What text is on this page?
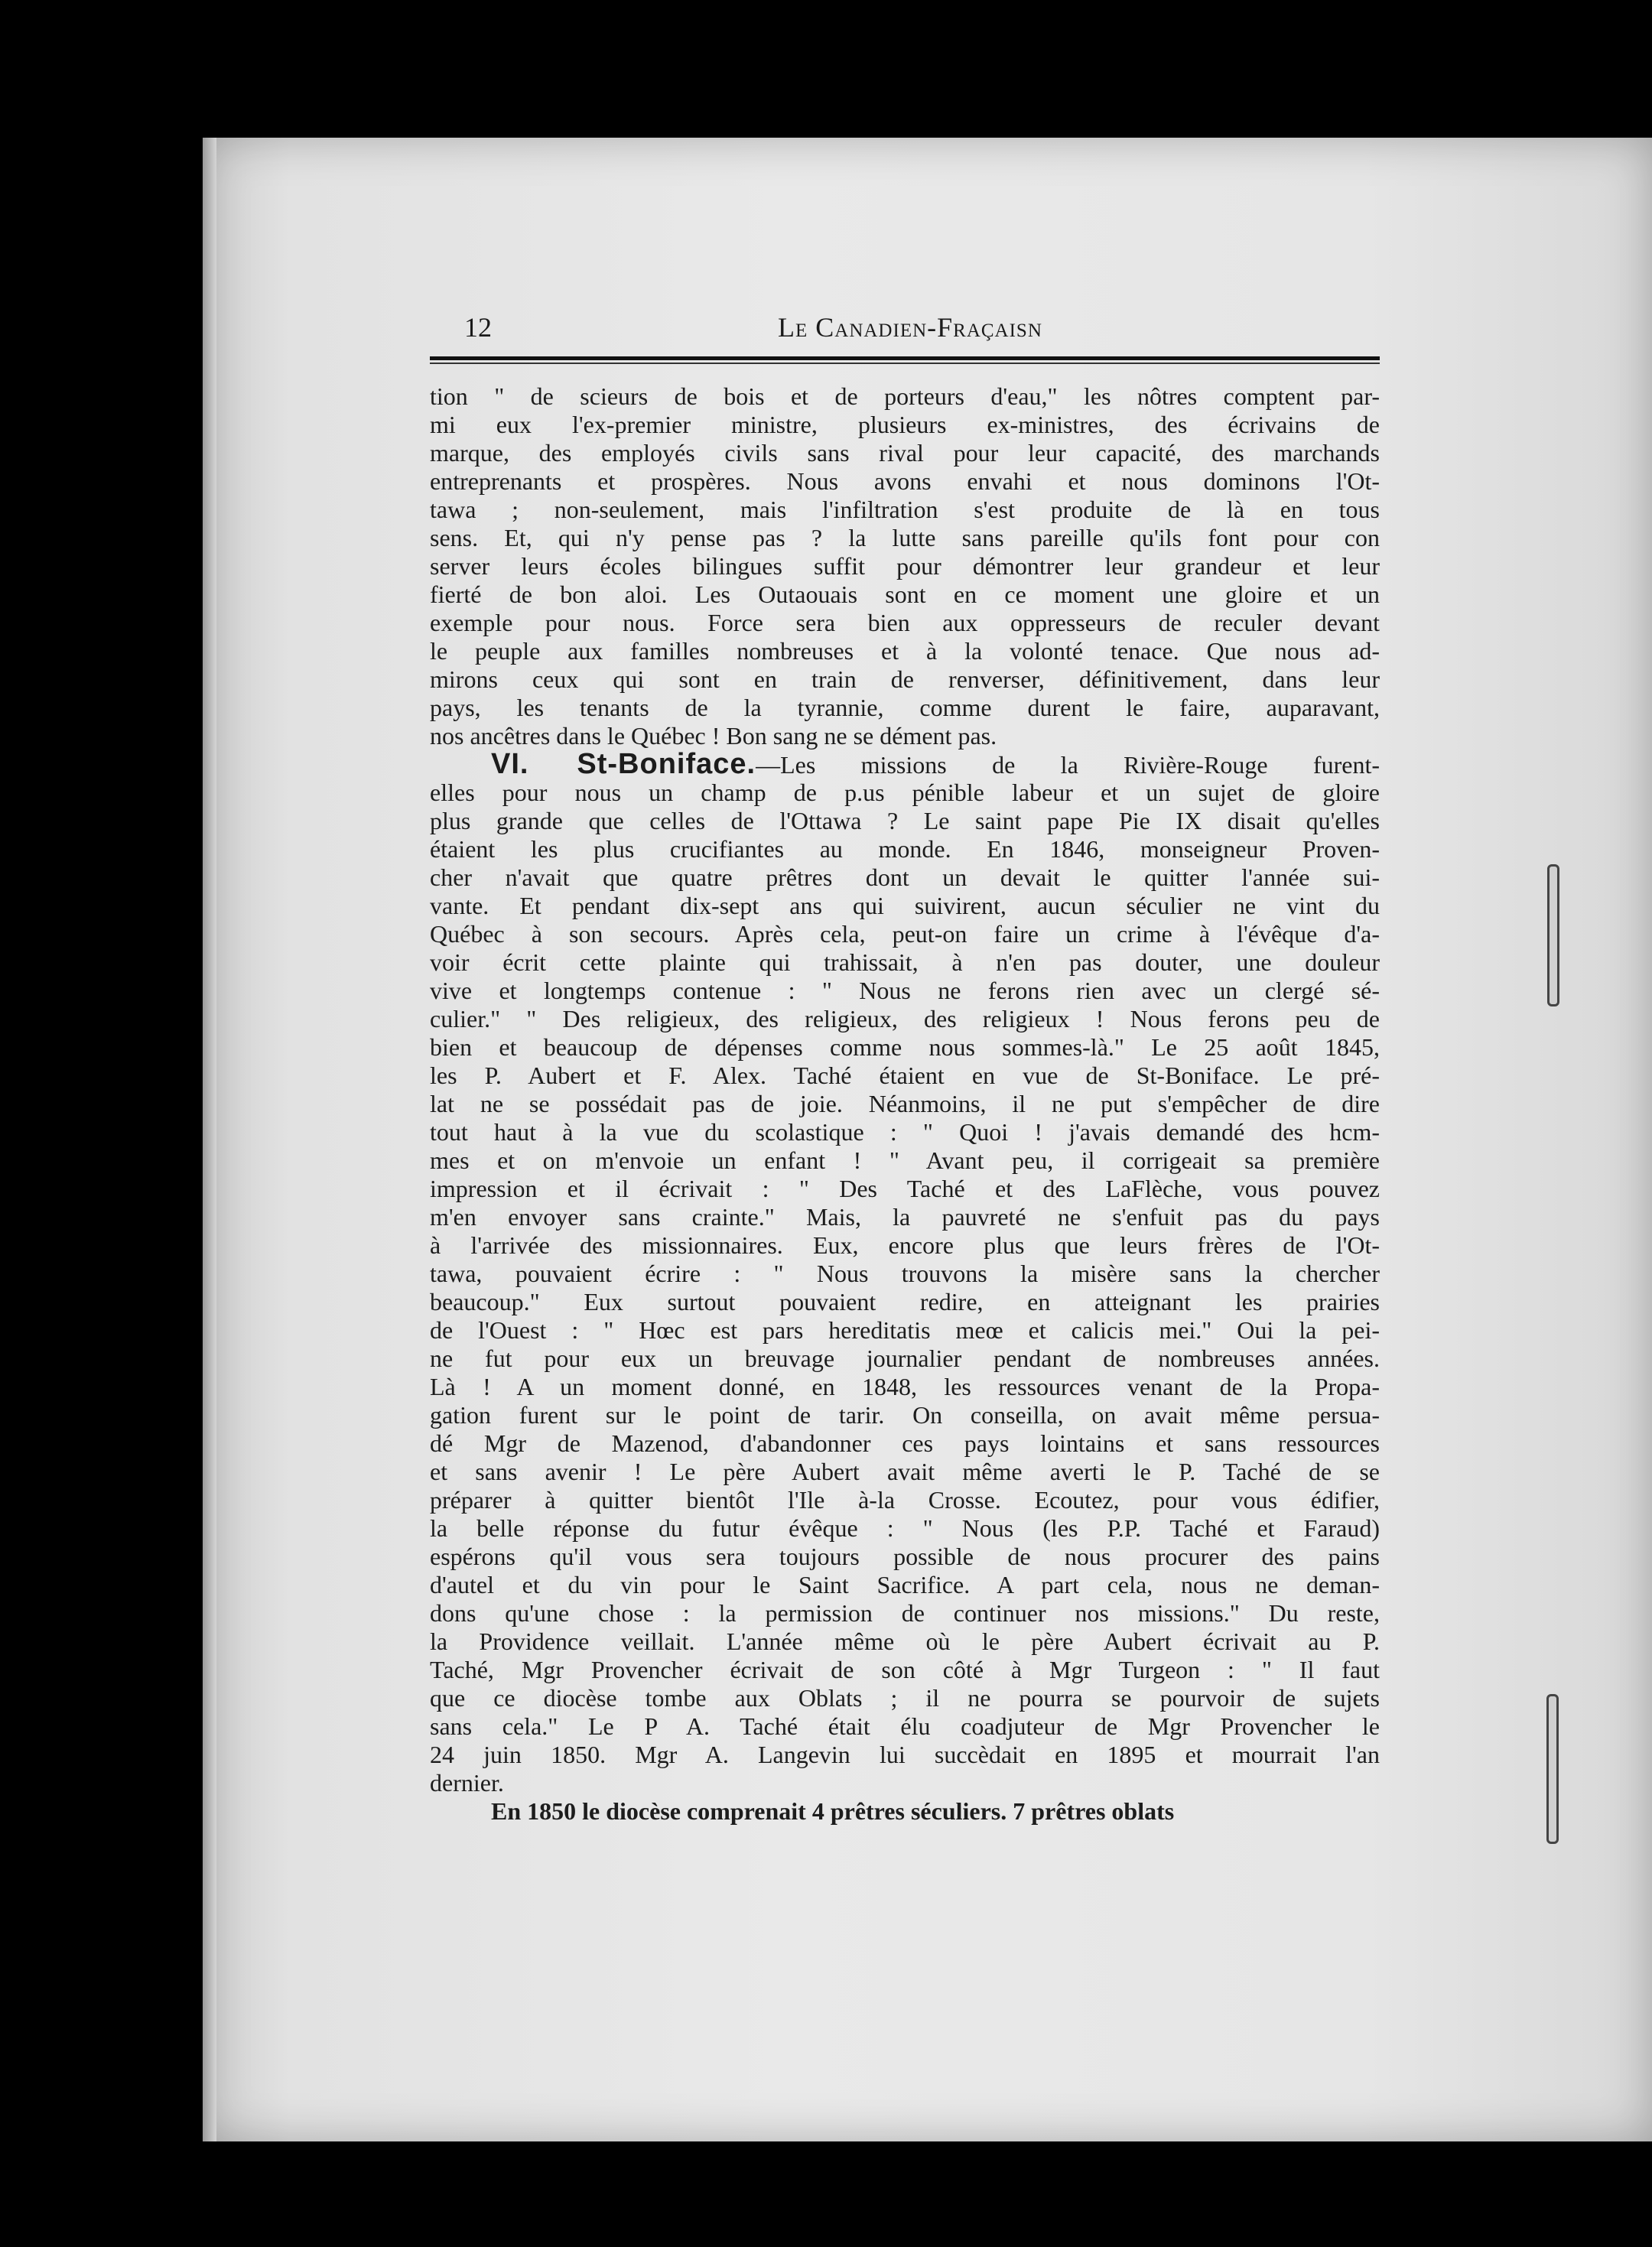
12	Le Canadien-Fraçaisn
tion " de scieurs de bois et de porteurs d'eau," les nôtres comptent par-
mi eux l'ex-premier ministre, plusieurs ex-ministres, des écrivains de
marque, des employés civils sans rival pour leur capacité, des marchands
entreprenants et prospères. Nous avons envahi et nous dominons l'Ot-
tawa ; non-seulement, mais l'infiltration s'est produite de là en tous
sens. Et, qui n'y pense pas ? la lutte sans pareille qu'ils font pour con
server leurs écoles bilingues suffit pour démontrer leur grandeur et leur
fierté de bon aloi. Les Outaouais sont en ce moment une gloire et un
exemple pour nous. Force sera bien aux oppresseurs de reculer devant
le peuple aux familles nombreuses et à la volonté tenace. Que nous ad-
mirons ceux qui sont en train de renverser, définitivement, dans leur
pays, les tenants de la tyrannie, comme durent le faire, auparavant,
nos ancêtres dans le Québec ! Bon sang ne se dément pas.
VI. St-Boniface.—Les missions de la Rivière-Rouge furent-
elles pour nous un champ de p.us pénible labeur et un sujet de gloire
plus grande que celles de l'Ottawa ? Le saint pape Pie IX disait qu'elles
étaient les plus crucifiantes au monde. En 1846, monseigneur Proven-
cher n'avait que quatre prêtres dont un devait le quitter l'année sui-
vante. Et pendant dix-sept ans qui suivirent, aucun séculier ne vint du
Québec à son secours. Après cela, peut-on faire un crime à l'évêque d'a-
voir écrit cette plainte qui trahissait, à n'en pas douter, une douleur
vive et longtemps contenue : " Nous ne ferons rien avec un clergé sé-
culier." " Des religieux, des religieux, des religieux ! Nous ferons peu de
bien et beaucoup de dépenses comme nous sommes-là." Le 25 août 1845,
les P. Aubert et F. Alex. Taché étaient en vue de St-Boniface. Le pré-
lat ne se possédait pas de joie. Néanmoins, il ne put s'empêcher de dire
tout haut à la vue du scolastique : " Quoi ! j'avais demandé des hcm-
mes et on m'envoie un enfant ! " Avant peu, il corrigeait sa première
impression et il écrivait : " Des Taché et des LaFlèche, vous pouvez
m'en envoyer sans crainte." Mais, la pauvreté ne s'enfuit pas du pays
à l'arrivée des missionnaires. Eux, encore plus que leurs frères de l'Ot-
tawa, pouvaient écrire : " Nous trouvons la misère sans la chercher
beaucoup." Eux surtout pouvaient redire, en atteignant les prairies
de l'Ouest : " Hœc est pars hereditatis meœ et calicis mei." Oui la pei-
ne fut pour eux un breuvage journalier pendant de nombreuses années.
Là ! A un moment donné, en 1848, les ressources venant de la Propa-
gation furent sur le point de tarir. On conseilla, on avait même persua-
dé Mgr de Mazenod, d'abandonner ces pays lointains et sans ressources
et sans avenir ! Le père Aubert avait même averti le P. Taché de se
préparer à quitter bientôt l'Ile à-la Crosse. Ecoutez, pour vous édifier,
la belle réponse du futur évêque : " Nous (les P.P. Taché et Faraud)
espérons qu'il vous sera toujours possible de nous procurer des pains
d'autel et du vin pour le Saint Sacrifice. A part cela, nous ne deman-
dons qu'une chose : la permission de continuer nos missions." Du reste,
la Providence veillait. L'année même où le père Aubert écrivait au P.
Taché, Mgr Provencher écrivait de son côté à Mgr Turgeon : " Il faut
que ce diocèse tombe aux Oblats ; il ne pourra se pourvoir de sujets
sans cela." Le P A. Taché était élu coadjuteur de Mgr Provencher le
24 juin 1850. Mgr A. Langevin lui succèdait en 1895 et mourrait l'an
dernier.
En 1850 le diocèse comprenait 4 prêtres séculiers. 7 prêtres oblats
